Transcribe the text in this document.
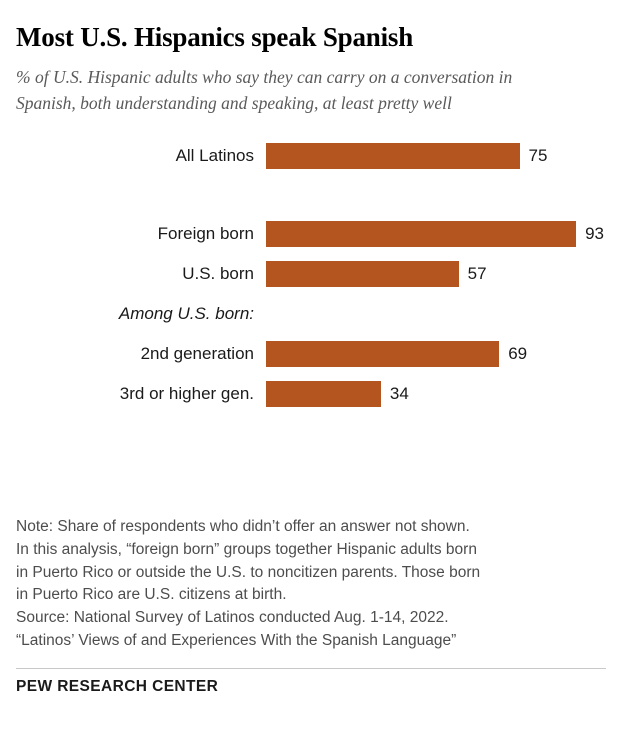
Most U.S. Hispanics speak Spanish

% of U.S. Hispanic adults who say they can carry on a conversation in Spanish, both understanding and speaking, at least pretty well

All Latinos	75
Foreign born	93
U.S. born	57
Among U.S. born:
2nd generation	69
3rd or higher gen.	34
Note: Share of respondents who didn’t offer an answer not shown.
In this analysis, “foreign born” groups together Hispanic adults born
in Puerto Rico or outside the U.S. to noncitizen parents. Those born
in Puerto Rico are U.S. citizens at birth.
Source: National Survey of Latinos conducted Aug. 1-14, 2022.
“Latinos’ Views of and Experiences With the Spanish Language”
PEW RESEARCH CENTER
